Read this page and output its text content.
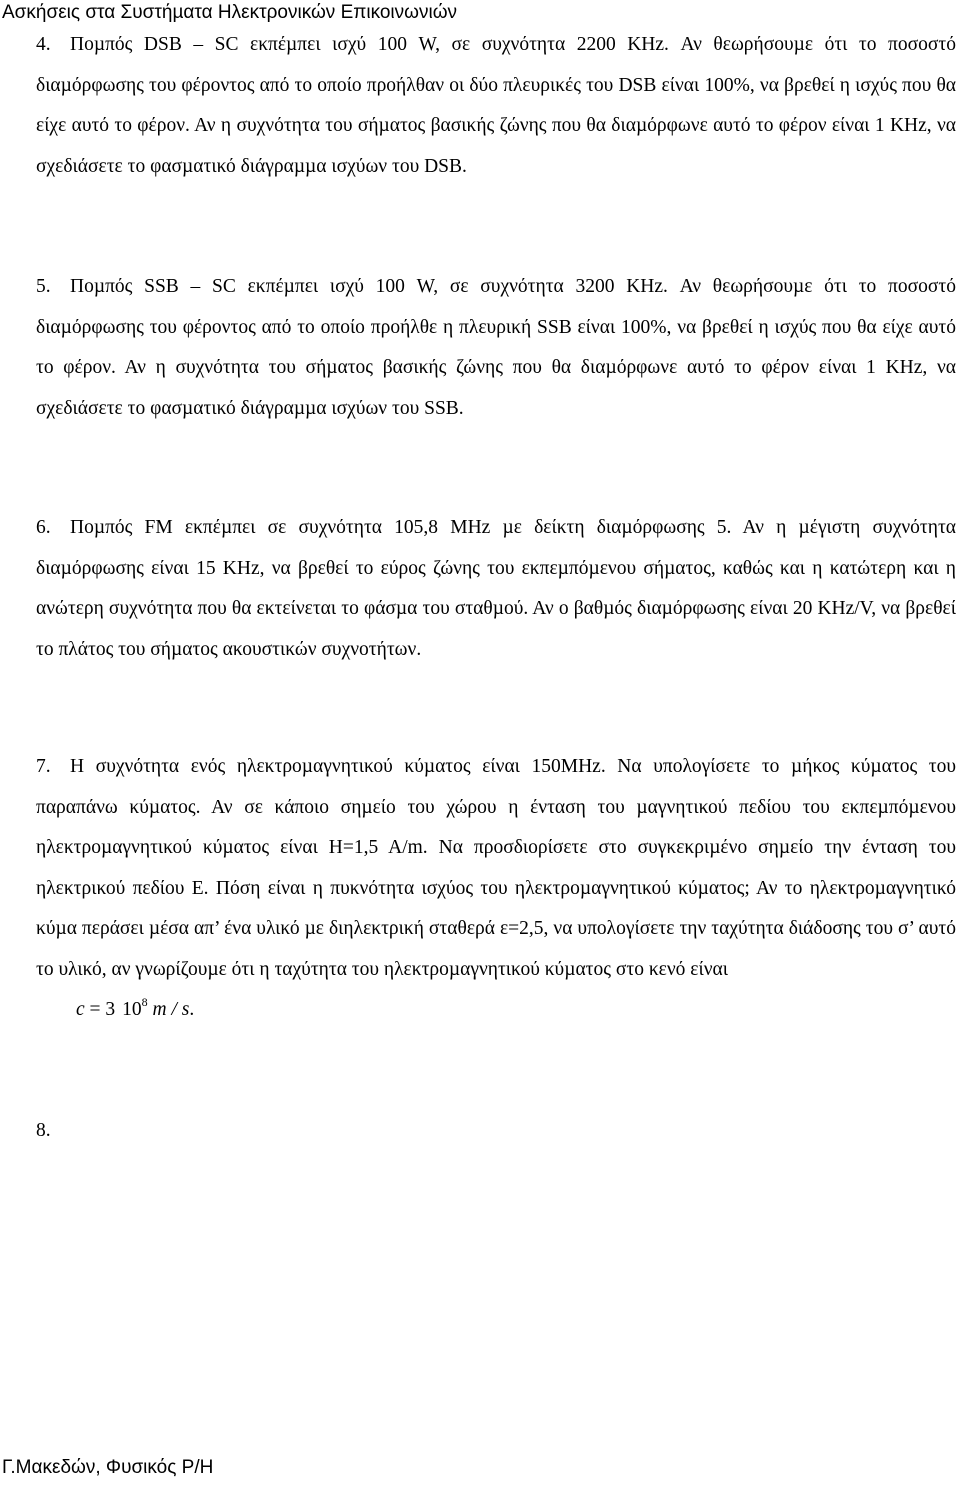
Ασκήσεις στα Συστήµατα Ηλεκτρονικών Επικοινωνιών
4. Ποµπός DSB – SC εκπέµπει ισχύ 100 W, σε συχνότητα 2200 KHz. Αν θεωρήσουµε ότι το ποσοστό διαµόρφωσης του φέροντος από το οποίο προήλθαν οι δύο πλευρικές του DSB είναι 100%, να βρεθεί η ισχύς που θα είχε αυτό το φέρον. Αν η συχνότητα του σήµατος βασικής ζώνης που θα διαµόρφωνε αυτό το φέρον είναι 1 KHz, να σχεδιάσετε το φασµατικό διάγραµµα ισχύων του DSB.
5. Ποµπός SSB – SC εκπέµπει ισχύ 100 W, σε συχνότητα 3200 KHz. Αν θεωρήσουµε ότι το ποσοστό διαµόρφωσης του φέροντος από το οποίο προήλθε η πλευρική SSB είναι 100%, να βρεθεί η ισχύς που θα είχε αυτό το φέρον. Αν η συχνότητα του σήµατος βασικής ζώνης που θα διαµόρφωνε αυτό το φέρον είναι 1 KHz, να σχεδιάσετε το φασµατικό διάγραµµα ισχύων του SSB.
6. Ποµπός FM εκπέµπει σε συχνότητα 105,8 MHz µε δείκτη διαµόρφωσης 5. Αν η µέγιστη συχνότητα διαµόρφωσης είναι 15 KHz, να βρεθεί το εύρος ζώνης του εκπεµπόµενου σήµατος, καθώς και η κατώτερη και η ανώτερη συχνότητα που θα εκτείνεται το φάσµα του σταθµού. Αν ο βαθµός διαµόρφωσης είναι 20 KHz/V, να βρεθεί το πλάτος του σήµατος ακουστικών συχνοτήτων.
7. Η συχνότητα ενός ηλεκτροµαγνητικού κύµατος είναι 150MHz. Να υπολογίσετε το µήκος κύµατος του παραπάνω κύµατος. Αν σε κάποιο σηµείο του χώρου η ένταση του µαγνητικού πεδίου του εκπεµπόµενου ηλεκτροµαγνητικού κύµατος είναι H=1,5 A/m. Να προσδιορίσετε στο συγκεκριµένο σηµείο την ένταση του ηλεκτρικού πεδίου E. Πόση είναι η πυκνότητα ισχύος του ηλεκτροµαγνητικού κύµατος; Αν το ηλεκτροµαγνητικό κύµα περάσει µέσα απ’ ένα υλικό µε διηλεκτρική σταθερά ε=2,5, να υπολογίσετε την ταχύτητα διάδοσης του σ’ αυτό το υλικό, αν γνωρίζουµε ότι η ταχύτητα του ηλεκτροµαγνητικού κύµατος στο κενό είναι
c = 3 $10^8$ m / s.
8.
Γ.Μακεδών, Φυσικός Ρ/Η
